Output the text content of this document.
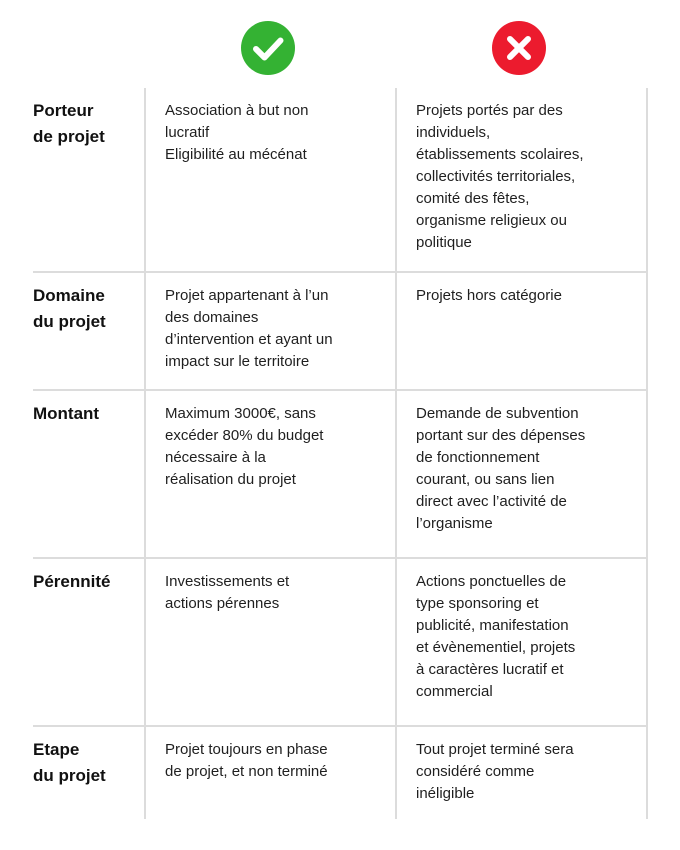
Porteur
de projet
Association à but non
lucratif
Eligibilité au mécénat
Projets portés par des
individuels,
établissements scolaires,
collectivités territoriales,
comité des fêtes,
organisme religieux ou
politique
Domaine
du projet
Projet appartenant à l’un
des domaines
d’intervention et ayant un
impact sur le territoire
Projets hors catégorie
Montant	Maximum 3000€, sans
excéder 80% du budget
nécessaire à la
réalisation du projet
Demande de subvention
portant sur des dépenses
de fonctionnement
courant, ou sans lien
direct avec l’activité de
l’organisme
Pérennité	Investissements et
actions pérennes
Actions ponctuelles de
type sponsoring et
publicité, manifestation
et évènementiel, projets
à caractères lucratif et
commercial
Etape
du projet
Projet toujours en phase
de projet, et non terminé
Tout projet terminé sera
considéré comme
inéligible
